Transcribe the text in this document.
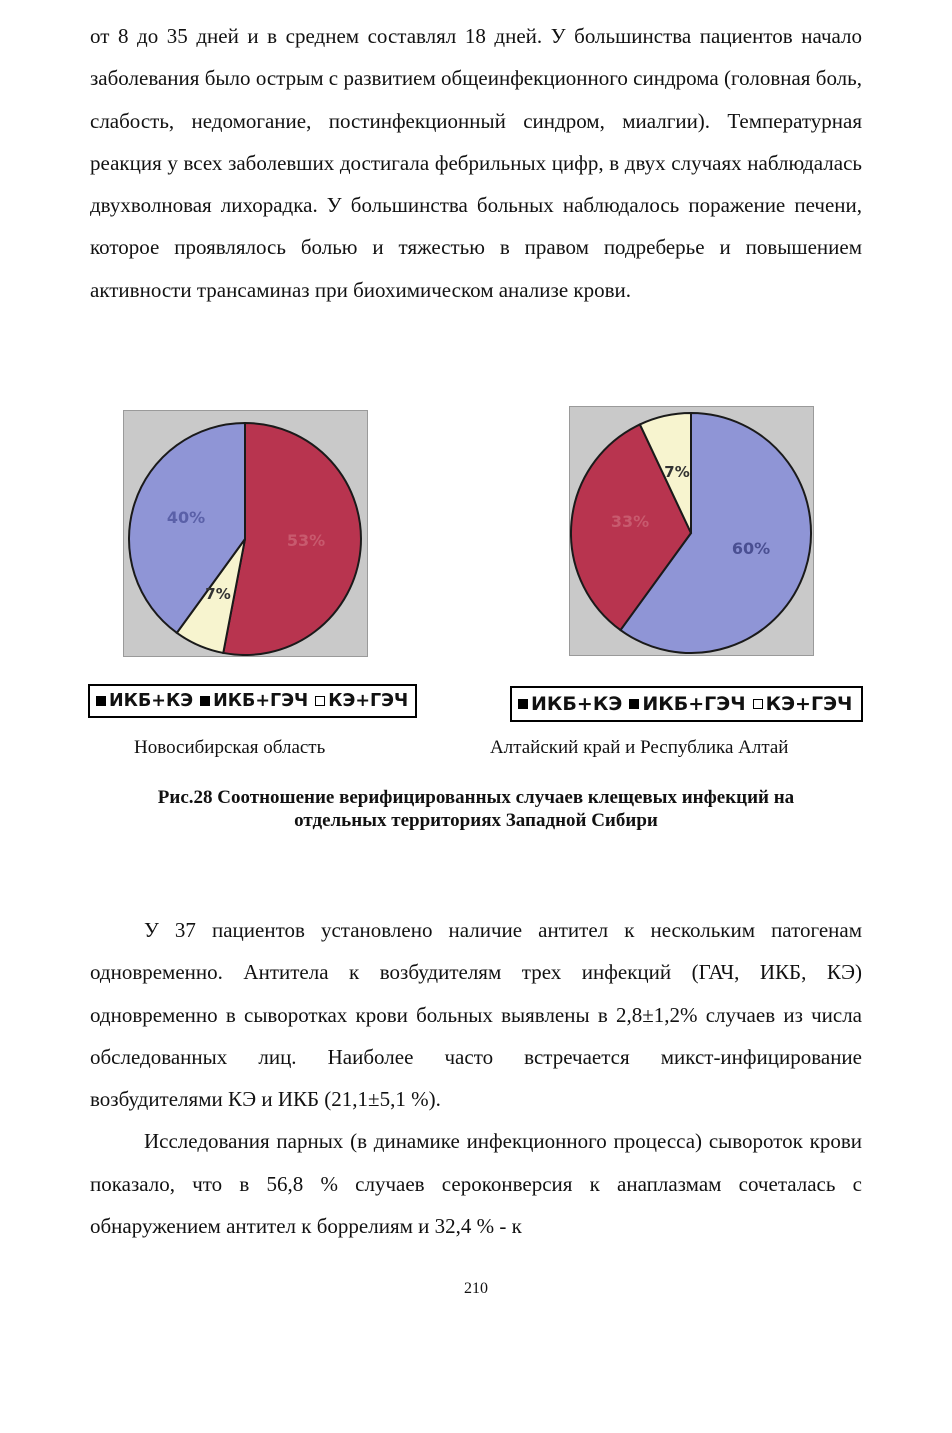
от 8 до 35 дней и в среднем составлял 18 дней. У большинства пациентов начало заболевания было острым с развитием общеинфекционного синдрома (головная боль, слабость, недомогание, постинфекционный синдром, миалгии). Температурная реакция у всех заболевших достигала фебрильных цифр, в двух случаях наблюдалась двухволновая лихорадка. У большинства больных наблюдалось поражение печени, которое проявлялось болью и тяжестью в правом подреберье и повышением активности трансаминаз при биохимическом анализе крови.

53%
7%
40%
60%
33%
7%
ИКБ+КЭ ИКБ+ГЭЧ КЭ+ГЭЧ	ИКБ+КЭ ИКБ+ГЭЧ КЭ+ГЭЧ
Новосибирская область	Алтайский край и Республика Алтай
Рис.28 Соотношение верифицированных случаев клещевых инфекций на
отдельных территориях Западной Сибири

У 37 пациентов установлено наличие антител к нескольким патогенам одновременно. Антитела к возбудителям трех инфекций (ГАЧ, ИКБ, КЭ) одновременно в сыворотках крови больных выявлены в 2,8±1,2% случаев из числа обследованных лиц. Наиболее часто встречается микст-инфицирование возбудителями КЭ и ИКБ (21,1±5,1 %).

Исследования парных (в динамике инфекционного процесса) сывороток крови показало, что в 56,8 % случаев сероконверсия к анаплазмам сочеталась с обнаружением антител к боррелиям и 32,4 % - к

210
